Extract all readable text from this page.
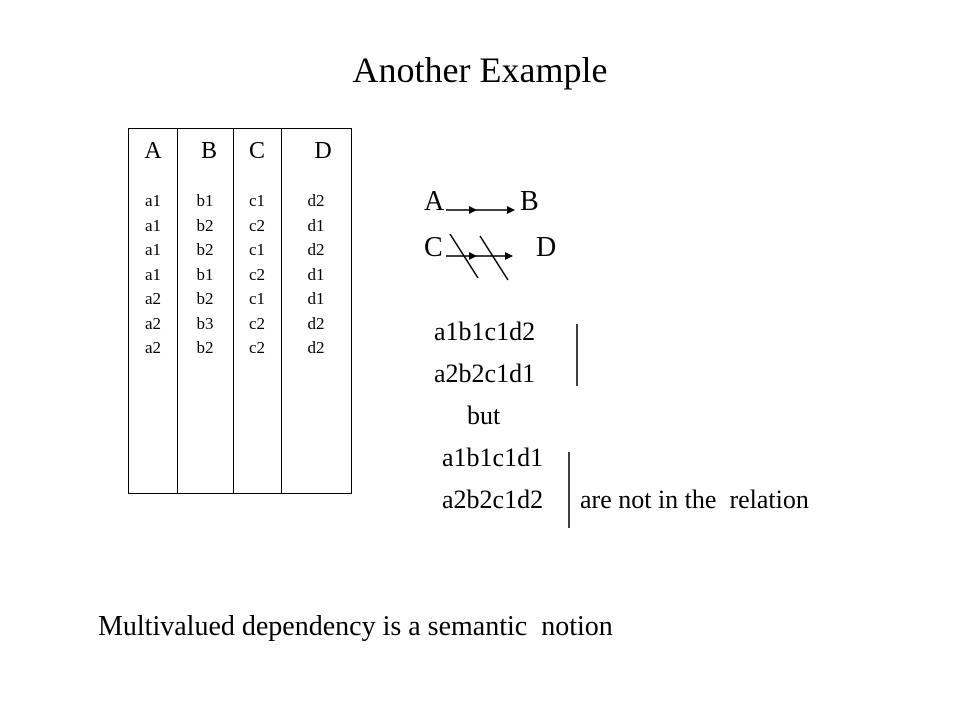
Another Example
A
a1
a1
a1
a1
a2
a2
a2
B
b1
b2
b2
b1
b2
b3
b2
C
c1
c2
c1
c2
c1
c2
c2
D
d2
d1
d2
d1
d1
d2
d2
A	B
C	D
a1b1c1d2
a2b2c1d1
but
a1b1c1d1
a2b2c1d2 are not in the  relation
Multivalued dependency is a semantic  notion
